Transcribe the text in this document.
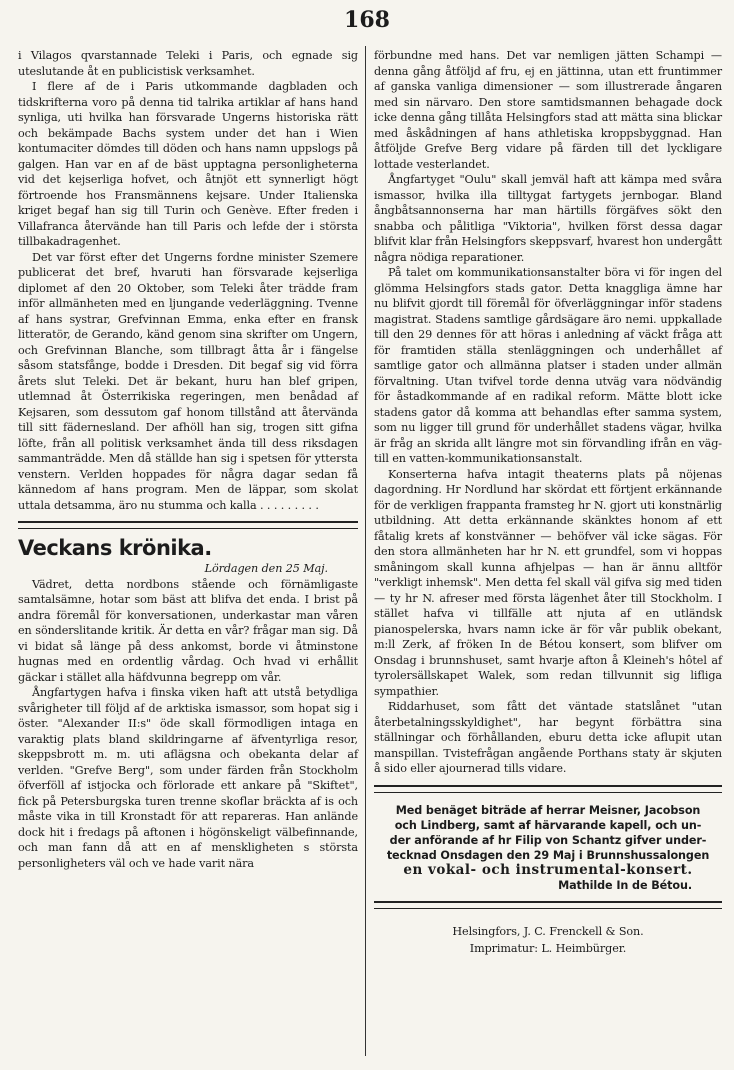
168

i Vilagos qvarstannade Teleki i Paris, och egnade sig uteslutande åt en publicistisk verksamhet.

I flere af de i Paris utkommande dagbladen och tidskrifterna voro på denna tid talrika artiklar af hans hand synliga, uti hvilka han försvarade Ungerns historiska rätt och bekämpade Bachs system under det han i Wien kontumaciter dömdes till döden och hans namn uppslogs på galgen. Han var en af de bäst upptagna personligheterna vid det kejserliga hofvet, och åtnjöt ett synnerligt högt förtroende hos Fransmännens kejsare. Under Italienska kriget begaf han sig till Turin och Genève. Efter freden i Villafranca återvände han till Paris och lefde der i största tillbakadragenhet.

Det var först efter det Ungerns fordne minister Szemere publicerat det bref, hvaruti han försvarade kejserliga diplomet af den 20 Oktober, som Teleki åter trädde fram inför allmänheten med en ljungande vederläggning. Tvenne af hans systrar, Grefvinnan Emma, enka efter en fransk litteratör, de Gerando, känd genom sina skrifter om Ungern, och Grefvinnan Blanche, som tillbragt åtta år i fängelse såsom statsfånge, bodde i Dresden. Dit begaf sig vid förra årets slut Teleki. Det är bekant, huru han blef gripen, utlemnad åt Österrikiska regeringen, men benådad af Kejsaren, som dessutom gaf honom tillstånd att återvända till sitt fädernesland. Der afhöll han sig, trogen sitt gifna löfte, från all politisk verksamhet ända till dess riksdagen sammanträdde. Men då ställde han sig i spetsen för yttersta venstern. Verlden hoppades för några dagar sedan få kännedom af hans program. Men de läppar, som skolat uttala detsamma, äro nu stumma och kalla . . . . . . . . .

Veckans krönika.

Lördagen den 25 Maj.

Vädret, detta nordbons stående och förnämligaste samtalsämne, hotar som bäst att blifva det enda. I brist på andra föremål för konversationen, underkastar man våren en sönderslitande kritik. Är detta en vår? frågar man sig. Då vi bidat så länge på dess ankomst, borde vi åtminstone hugnas med en ordentlig vårdag. Och hvad vi erhållit gäckar i stället alla häfdvunna begrepp om vår.

Ångfartygen hafva i finska viken haft att utstå betydliga svårigheter till följd af de arktiska ismassor, som hopat sig i öster. "Alexander II:s" öde skall förmodligen intaga en varaktig plats bland skildringarne af äfventyrliga resor, skeppsbrott m. m. uti aflägsna och obekanta delar af verlden. "Grefve Berg", som under färden från Stockholm öfverföll af istjocka och förlorade ett ankare på "Skiftet", fick på Petersburgska turen trenne skoflar bräckta af is och måste vika in till Kronstadt för att repareras. Han anlände dock hit i fredags på aftonen i högönskeligt välbefinnande, och man fann då att en af menskligheten s största personligheters väl och ve hade varit nära

förbundne med hans. Det var nemligen jätten Schampi — denna gång åtföljd af fru, ej en jättinna, utan ett fruntimmer af ganska vanliga dimensioner — som illustrerade ångaren med sin närvaro. Den store samtidsmannen behagade dock icke denna gång tillåta Helsingfors stad att mätta sina blickar med åskådningen af hans athletiska kroppsbyggnad. Han åtföljde Grefve Berg vidare på färden till det lyckligare lottade vesterlandet.

Ångfartyget "Oulu" skall jemväl haft att kämpa med svåra ismassor, hvilka illa tilltygat fartygets jernbogar. Bland ångbåtsannonserna har man härtills förgäfves sökt den snabba och pålitliga "Viktoria", hvilken först dessa dagar blifvit klar från Helsingfors skeppsvarf, hvarest hon undergått några nödiga reparationer.

På talet om kommunikationsanstalter böra vi för ingen del glömma Helsingfors stads gator. Detta knaggliga ämne har nu blifvit gjordt till föremål för öfverläggningar inför stadens magistrat. Stadens samtlige gårdsägare äro nemi. uppkallade till den 29 dennes för att höras i anledning af väckt fråga att för framtiden ställa stenläggningen och underhållet af samtlige gator och allmänna platser i staden under allmän förvaltning. Utan tvifvel torde denna utväg vara nödvändig för åstadkommande af en radikal reform. Mätte blott icke stadens gator då komma att behandlas efter samma system, som nu ligger till grund för underhållet stadens vägar, hvilka är fråg an skrida allt längre mot sin förvandling ifrån en väg- till en vatten-kommunikationsanstalt.

Konserterna hafva intagit theaterns plats på nöjenas dagordning. Hr Nordlund har skördat ett förtjent erkännande för de verkligen frappanta framsteg hr N. gjort uti konstnärlig utbildning. Att detta erkännande skänktes honom af ett fåtalig krets af konstvänner — behöfver väl icke sägas. För den stora allmänheten har hr N. ett grundfel, som vi hoppas småningom skall kunna afhjelpas — han är ännu alltför "verkligt inhemsk". Men detta fel skall väl gifva sig med tiden — ty hr N. afreser med första lägenhet åter till Stockholm. I stället hafva vi tillfälle att njuta af en utländsk pianospelerska, hvars namn icke är för vår publik obekant, m:ll Zerk, af fröken In de Bétou konsert, som blifver om Onsdag i brunnshuset, samt hvarje afton å Kleineh's hôtel af tyrolersällskapet Walek, som redan tillvunnit sig lifliga sympathier.

Riddarhuset, som fått det väntade statslånet "utan återbetalningsskyldighet", har begynt förbättra sina ställningar och förhållanden, eburu detta icke aflupit utan manspillan. Tvistefrågan angående Porthans staty är skjuten å sido eller ajournerad tills vidare.

Med benäget biträde af herrar Meisner, Jacobson

och Lindberg, samt af härvarande kapell, och un-

der anförande af hr Filip von Schantz gifver under-

tecknad Onsdagen den 29 Maj i Brunnshussalongen

en vokal- och instrumental-konsert.

Mathilde In de Bétou.

Helsingfors, J. C. Frenckell & Son.
Imprimatur: L. Heimbürger.
